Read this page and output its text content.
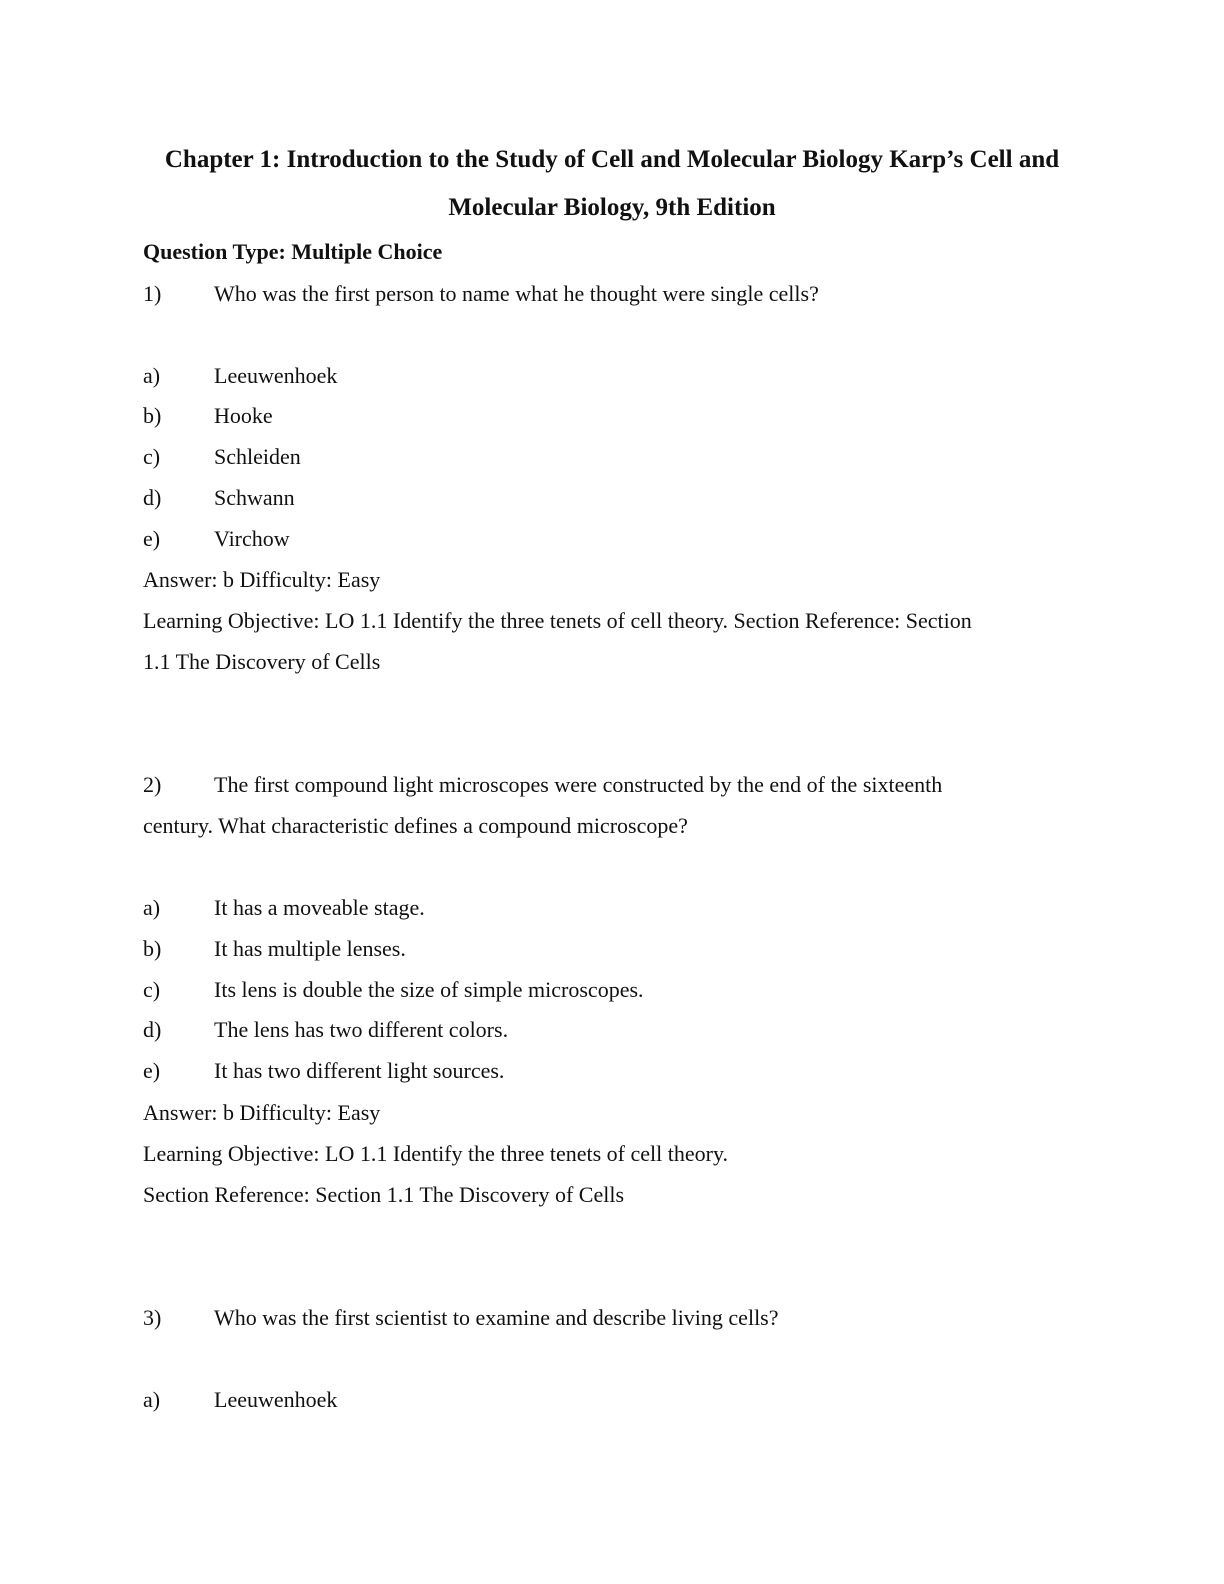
Chapter 1: Introduction to the Study of Cell and Molecular Biology Karp’s Cell and Molecular Biology, 9th Edition
Question Type: Multiple Choice
1) Who was the first person to name what he thought were single cells?
a) Leeuwenhoek
b) Hooke
c) Schleiden
d) Schwann
e) Virchow
Answer: b Difficulty: Easy
Learning Objective: LO 1.1 Identify the three tenets of cell theory. Section Reference: Section
1.1 The Discovery of Cells
2) The first compound light microscopes were constructed by the end of the sixteenth
century. What characteristic defines a compound microscope?
a) It has a moveable stage.
b) It has multiple lenses.
c) Its lens is double the size of simple microscopes.
d) The lens has two different colors.
e) It has two different light sources.
Answer: b Difficulty: Easy
Learning Objective: LO 1.1 Identify the three tenets of cell theory.
Section Reference: Section 1.1 The Discovery of Cells
3) Who was the first scientist to examine and describe living cells?
a) Leeuwenhoek
